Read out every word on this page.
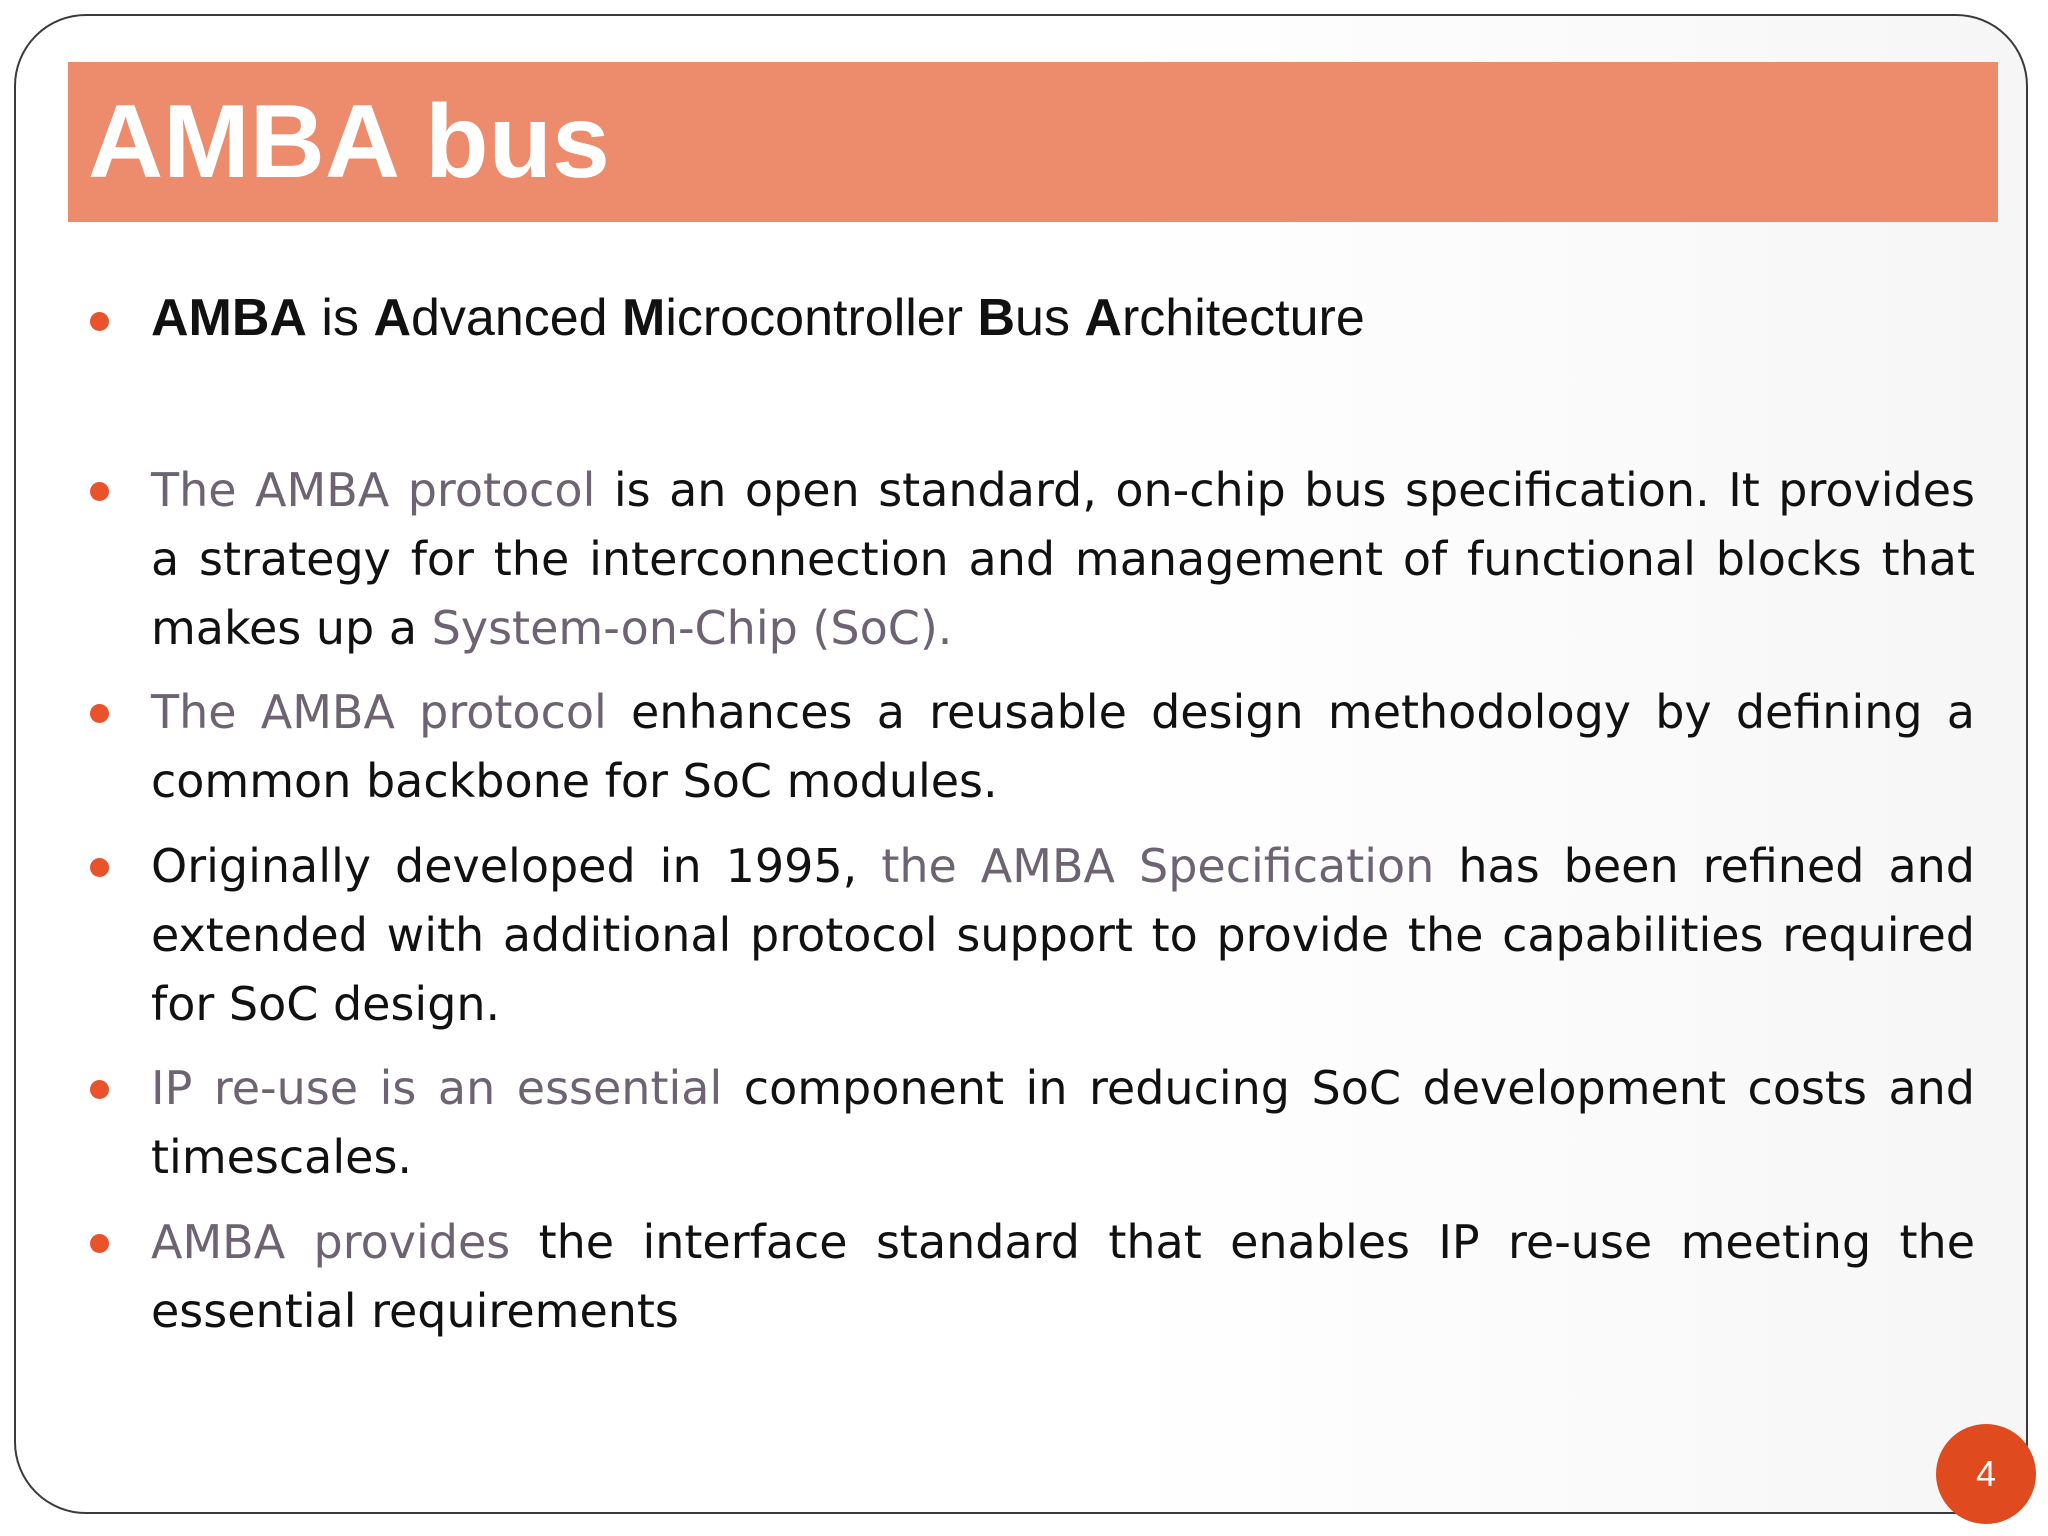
AMBA bus
AMBA is Advanced Microcontroller Bus Architecture
The AMBA protocol is an open standard, on-chip bus specification. It provides a strategy for the interconnection and management of functional blocks that makes up a System-on-Chip (SoC).
The AMBA protocol enhances a reusable design methodology by defining a common backbone for SoC modules.
Originally developed in 1995, the AMBA Specification has been refined and extended with additional protocol support to provide the capabilities required for SoC design.
IP re-use is an essential component in reducing SoC development costs and timescales.
AMBA provides the interface standard that enables IP re-use meeting the essential requirements
4
